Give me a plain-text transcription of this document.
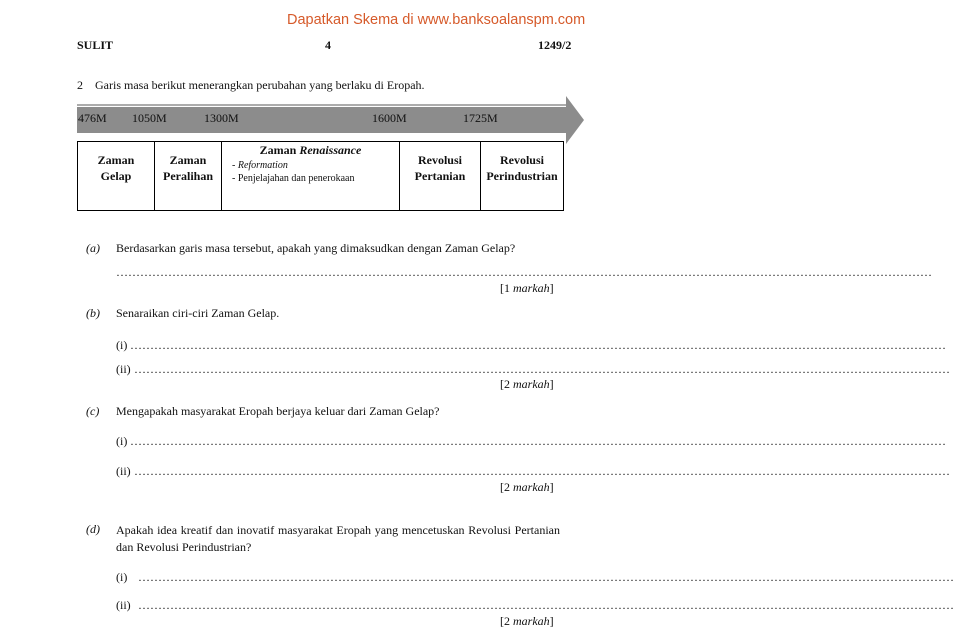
Dapatkan Skema di www.banksoalanspm.com
SULIT	4	1249/2
2 Garis masa berikut menerangkan perubahan yang berlaku di Eropah.
476M 1050M	1300M	1600M	1725M
Zaman
Gelap

Zaman
Peralihan

Zaman Renaissance
- Reformation
- Penjelajahan dan penerokaan

Revolusi
Pertanian

Revolusi
Perindustrian
(a) Berdasarkan garis masa tersebut, apakah yang dimaksudkan dengan Zaman Gelap?
……………………………………………………………………………………………………………………………………………………………………………………
[1 markah]
(b) Senaraikan ciri-ciri Zaman Gelap.
(i) ……………………………………………………………………………………………………………………………………………………………………………………
(ii) ……………………………………………………………………………………………………………………………………………………………………………………
[2 markah]
(c) Mengapakah masyarakat Eropah berjaya keluar dari Zaman Gelap?
(i) ……………………………………………………………………………………………………………………………………………………………………………………
(ii) ……………………………………………………………………………………………………………………………………………………………………………………
[2 markah]
(d) Apakah idea kreatif dan inovatif masyarakat Eropah yang mencetuskan Revolusi Pertanian dan Revolusi Perindustrian?
(i) ……………………………………………………………………………………………………………………………………………………………………………………
(ii) ……………………………………………………………………………………………………………………………………………………………………………………
[2 markah]
